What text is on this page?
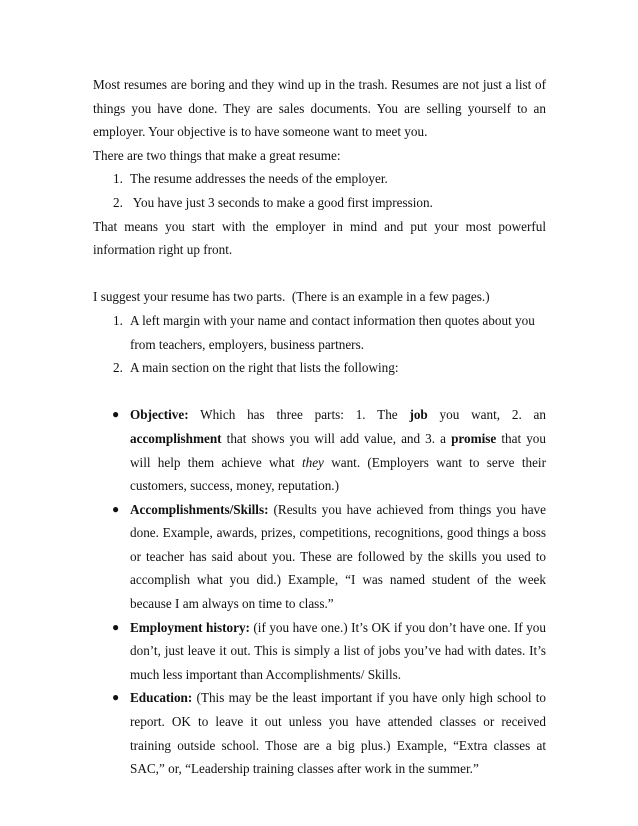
Most resumes are boring and they wind up in the trash. Resumes are not just a list of

things you have done. They are sales documents. You are selling yourself to an

employer. Your objective is to have someone want to meet you.

There are two things that make a great resume:

1. The resume addresses the needs of the employer.
2. You have just 3 seconds to make a good first impression.

That means you start with the employer in mind and put your most powerful

information right up front.

I suggest your resume has two parts.  (There is an example in a few pages.)

1. A left margin with your name and contact information then quotes about you

from teachers, employers, business partners.

2. A main section on the right that lists the following:

● Objective: Which has three parts: 1. The job you want, 2. an

accomplishment that shows you will add value, and 3. a promise that you

will help them achieve what they want. (Employers want to serve their

customers, success, money, reputation.)

● Accomplishments/Skills: (Results you have achieved from things you have

done. Example, awards, prizes, competitions, recognitions, good things a boss

or teacher has said about you. These are followed by the skills you used to

accomplish what you did.) Example, “I was named student of the week

because I am always on time to class.”

● Employment history: (if you have one.) It’s OK if you don’t have one. If you

don’t, just leave it out. This is simply a list of jobs you’ve had with dates. It’s

much less important than Accomplishments/ Skills.

● Education: (This may be the least important if you have only high school to

report. OK to leave it out unless you have attended classes or received

training outside school. Those are a big plus.) Example, “Extra classes at

SAC,” or, “Leadership training classes after work in the summer.”
